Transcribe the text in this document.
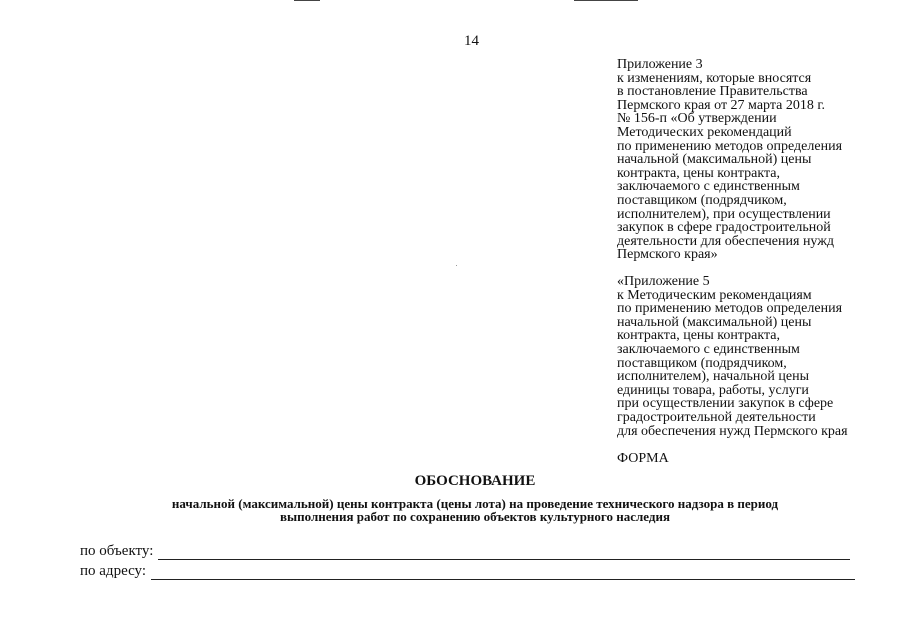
14
Приложение 3
к изменениям, которые вносятся
в постановление Правительства
Пермского края от 27 марта 2018 г.
№ 156-п «Об утверждении
Методических рекомендаций
по применению методов определения
начальной (максимальной) цены
контракта, цены контракта,
заключаемого с единственным
поставщиком (подрядчиком,
исполнителем), при осуществлении
закупок в сфере градостроительной
деятельности для обеспечения нужд
Пермского края»
«Приложение 5
к Методическим рекомендациям
по применению методов определения
начальной (максимальной) цены
контракта, цены контракта,
заключаемого с единственным
поставщиком (подрядчиком,
исполнителем), начальной цены
единицы товара, работы, услуги
при осуществлении закупок в сфере
градостроительной деятельности
для обеспечения нужд Пермского края
ФОРМА
ОБОСНОВАНИЕ
начальной (максимальной) цены контракта (цены лота) на проведение технического надзора в период
выполнения работ по сохранению объектов культурного наследия
по объекту:
по адресу:
